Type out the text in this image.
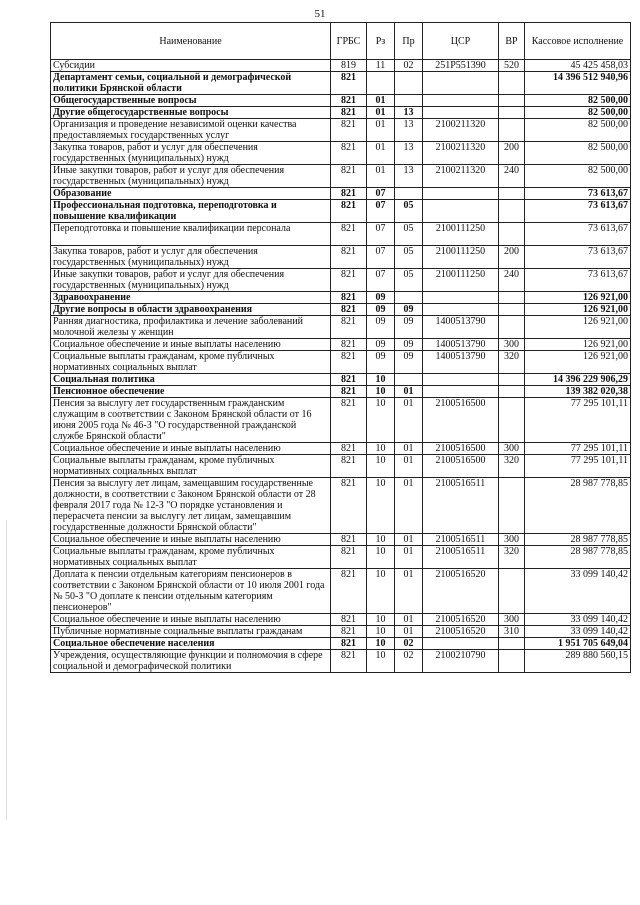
51
Наименование	ГРБС	Рз	Пр	ЦСР	ВР	Кассовое исполнение
Субсидии	819	11	02	251P551390	520	45 425 458,03
Департамент семьи, социальной и демографической политики Брянской области	821					14 396 512 940,96
Общегосударственные вопросы	821	01				82 500,00
Другие общегосударственные вопросы	821	01	13			82 500,00
Организация и проведение независимой оценки качества предоставляемых государственных услуг	821	01	13	2100211320		82 500,00
Закупка товаров, работ и услуг для обеспечения государственных (муниципальных) нужд	821	01	13	2100211320	200	82 500,00
Иные закупки товаров, работ и услуг для обеспечения государственных (муниципальных) нужд	821	01	13	2100211320	240	82 500,00
Образование	821	07				73 613,67
Профессиональная подготовка, переподготовка и повышение квалификации	821	07	05			73 613,67
Переподготовка и повышение квалификации персонала	821	07	05	2100111250		73 613,67
Закупка товаров, работ и услуг для обеспечения государственных (муниципальных) нужд	821	07	05	2100111250	200	73 613,67
Иные закупки товаров, работ и услуг для обеспечения государственных (муниципальных) нужд	821	07	05	2100111250	240	73 613,67
Здравоохранение	821	09				126 921,00
Другие вопросы в области здравоохранения	821	09	09			126 921,00
Ранняя диагностика, профилактика и лечение заболеваний молочной железы у женщин	821	09	09	1400513790		126 921,00
Социальное обеспечение и иные выплаты населению	821	09	09	1400513790	300	126 921,00
Социальные выплаты гражданам, кроме публичных нормативных социальных выплат	821	09	09	1400513790	320	126 921,00
Социальная политика	821	10				14 396 229 906,29
Пенсионное обеспечение	821	10	01			139 382 020,38
Пенсия за выслугу лет государственным гражданским служащим в соответствии с Законом Брянской области от 16 июня 2005 года № 46-З "О государственной гражданской службе Брянской области"	821	10	01	2100516500		77 295 101,11
Социальное обеспечение и иные выплаты населению	821	10	01	2100516500	300	77 295 101,11
Социальные выплаты гражданам, кроме публичных нормативных социальных выплат	821	10	01	2100516500	320	77 295 101,11
Пенсия за выслугу лет лицам, замещавшим государственные должности, в соответствии с Законом Брянской области от 28 февраля 2017 года № 12-З "О порядке установления и перерасчета пенсии за выслугу лет лицам, замещавшим государственные должности Брянской области"	821	10	01	2100516511		28 987 778,85
Социальное обеспечение и иные выплаты населению	821	10	01	2100516511	300	28 987 778,85
Социальные выплаты гражданам, кроме публичных нормативных социальных выплат	821	10	01	2100516511	320	28 987 778,85
Доплата к пенсии отдельным категориям пенсионеров в соответствии с Законом Брянской области от 10 июля 2001 года № 50-З "О доплате к пенсии отдельным категориям пенсионеров"	821	10	01	2100516520		33 099 140,42
Социальное обеспечение и иные выплаты населению	821	10	01	2100516520	300	33 099 140,42
Публичные нормативные социальные выплаты гражданам	821	10	01	2100516520	310	33 099 140,42
Социальное обеспечение населения	821	10	02			1 951 705 649,04
Учреждения, осуществляющие функции и полномочия в сфере социальной и демографической политики	821	10	02	2100210790		289 880 560,15
